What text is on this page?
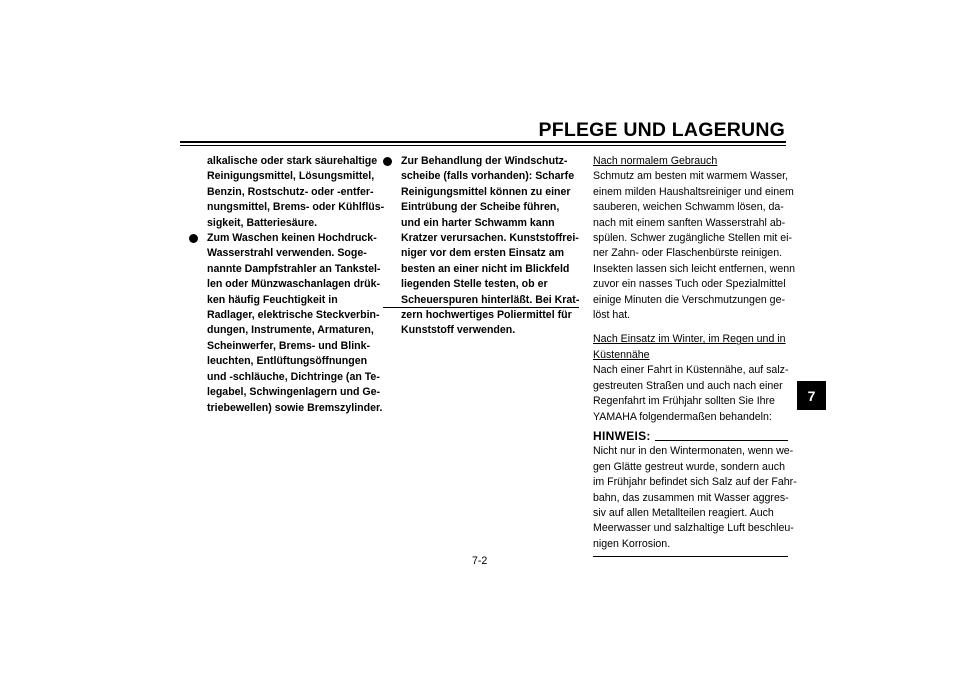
PFLEGE UND LAGERUNG
alkalische oder stark säurehaltige
Reinigungsmittel, Lösungsmittel,
Benzin, Rostschutz- oder -entfer-
nungsmittel, Brems- oder Kühlflüs-
sigkeit, Batteriesäure.
Zum Waschen keinen Hochdruck-
Wasserstrahl verwenden. Soge-
nannte Dampfstrahler an Tankstel-
len oder Münzwaschanlagen drük-
ken häufig Feuchtigkeit in
Radlager, elektrische Steckverbin-
dungen, Instrumente, Armaturen,
Scheinwerfer, Brems- und Blink-
leuchten, Entlüftungsöffnungen
und -schläuche, Dichtringe (an Te-
legabel, Schwingenlagern und Ge-
triebewellen) sowie Bremszylinder.
Zur Behandlung der Windschutz-
scheibe (falls vorhanden): Scharfe
Reinigungsmittel können zu einer
Eintrübung der Scheibe führen,
und ein harter Schwamm kann
Kratzer verursachen. Kunststoffrei-
niger vor dem ersten Einsatz am
besten an einer nicht im Blickfeld
liegenden Stelle testen, ob er
Scheuerspuren hinterläßt. Bei Krat-
zern hochwertiges Poliermittel für
Kunststoff verwenden.
Nach normalem Gebrauch
Schmutz am besten mit warmem Wasser,
einem milden Haushaltsreiniger und einem
sauberen, weichen Schwamm lösen, da-
nach mit einem sanften Wasserstrahl ab-
spülen. Schwer zugängliche Stellen mit ei-
ner Zahn- oder Flaschenbürste reinigen.
Insekten lassen sich leicht entfernen, wenn
zuvor ein nasses Tuch oder Spezialmittel
einige Minuten die Verschmutzungen ge-
löst hat.
Nach Einsatz im Winter, im Regen und in
Küstennähe
Nach einer Fahrt in Küstennähe, auf salz-
gestreuten Straßen und auch nach einer
Regenfahrt im Frühjahr sollten Sie Ihre
YAMAHA folgendermaßen behandeln:
HINWEIS:
Nicht nur in den Wintermonaten, wenn we-
gen Glätte gestreut wurde, sondern auch
im Frühjahr befindet sich Salz auf der Fahr-
bahn, das zusammen mit Wasser aggres-
siv auf allen Metallteilen reagiert. Auch
Meerwasser und salzhaltige Luft beschleu-
nigen Korrosion.
7
7-2
